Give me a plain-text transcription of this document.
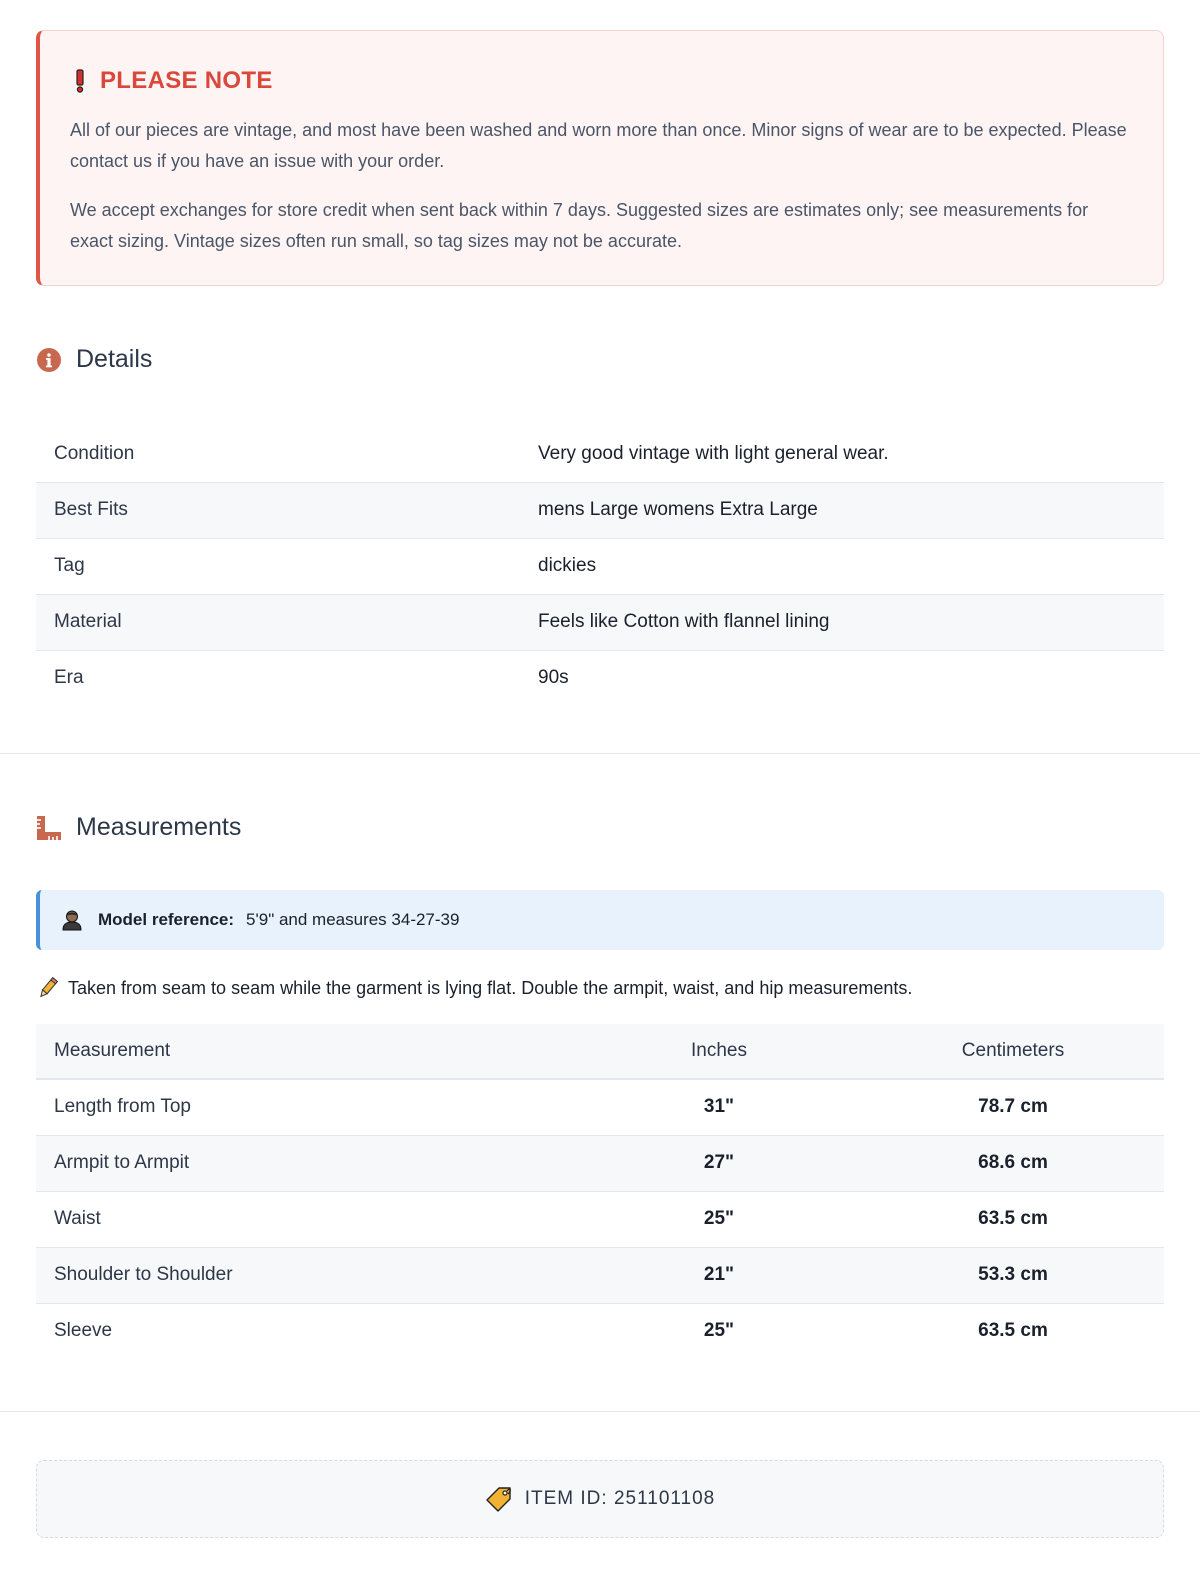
PLEASE NOTE

All of our pieces are vintage, and most have been washed and worn more than once. Minor signs of wear are to be expected. Please contact us if you have an issue with your order.

We accept exchanges for store credit when sent back within 7 days. Suggested sizes are estimates only; see measurements for exact sizing. Vintage sizes often run small, so tag sizes may not be accurate.

Details
Condition	Very good vintage with light general wear.
Best Fits	mens Large womens Extra Large
Tag	dickies
Material	Feels like Cotton with flannel lining
Era	90s
Measurements
Model reference: 5'9" and measures 34-27-39
Taken from seam to seam while the garment is lying flat. Double the armpit, waist, and hip measurements.
Measurement	Inches	Centimeters
Length from Top	31"	78.7 cm
Armpit to Armpit	27"	68.6 cm
Waist	25"	63.5 cm
Shoulder to Shoulder	21"	53.3 cm
Sleeve	25"	63.5 cm
ITEM ID: 251101108
